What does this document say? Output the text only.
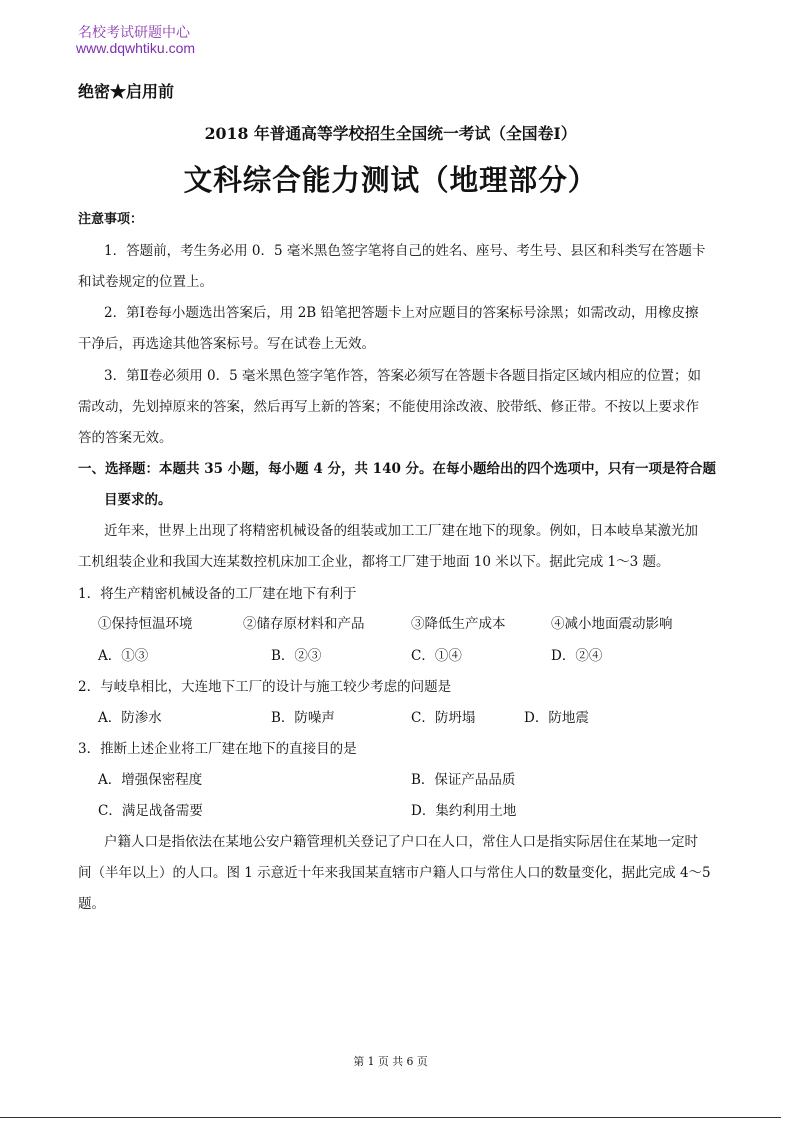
名校考试研题中心
www.dqwhtiku.com
绝密★启用前
2018 年普通高等学校招生全国统一考试（全国卷Ⅰ）
文科综合能力测试（地理部分）
注意事项：
1．答题前，考生务必用 0．5 毫米黑色签字笔将自己的姓名、座号、考生号、县区和科类写在答题卡
和试卷规定的位置上。
2．第Ⅰ卷每小题选出答案后，用 2B 铅笔把答题卡上对应题目的答案标号涂黑；如需改动，用橡皮擦
干净后，再选途其他答案标号。写在试卷上无效。
3．第Ⅱ卷必须用 0．5 毫米黑色签字笔作答，答案必须写在答题卡各题目指定区域内相应的位置；如
需改动，先划掉原来的答案，然后再写上新的答案；不能使用涂改液、胶带纸、修正带。不按以上要求作
答的答案无效。
一、选择题：本题共 35 小题，每小题 4 分，共 140 分。在每小题给出的四个选项中，只有一项是符合题
目要求的。
近年来，世界上出现了将精密机械设备的组装或加工工厂建在地下的现象。例如，日本岐阜某激光加
工机组装企业和我国大连某数控机床加工企业，都将工厂建于地面 10 米以下。据此完成 1～3 题。
1．将生产精密机械设备的工厂建在地下有利于
①保持恒温环境	②储存原材料和产品	③降低生产成本	④减小地面震动影响
A．①③	B．②③	C．①④	D．②④
2．与岐阜相比，大连地下工厂的设计与施工较少考虑的问题是
A．防渗水	B．防噪声	C．防坍塌	D．防地震
3．推断上述企业将工厂建在地下的直接目的是
A．增强保密程度	B．保证产品品质
C．满足战备需要	D．集约利用土地
户籍人口是指依法在某地公安户籍管理机关登记了户口在人口，常住人口是指实际居住在某地一定时
间（半年以上）的人口。图 1 示意近十年来我国某直辖市户籍人口与常住人口的数量变化，据此完成 4～5
题。
第 1 页 共 6 页
